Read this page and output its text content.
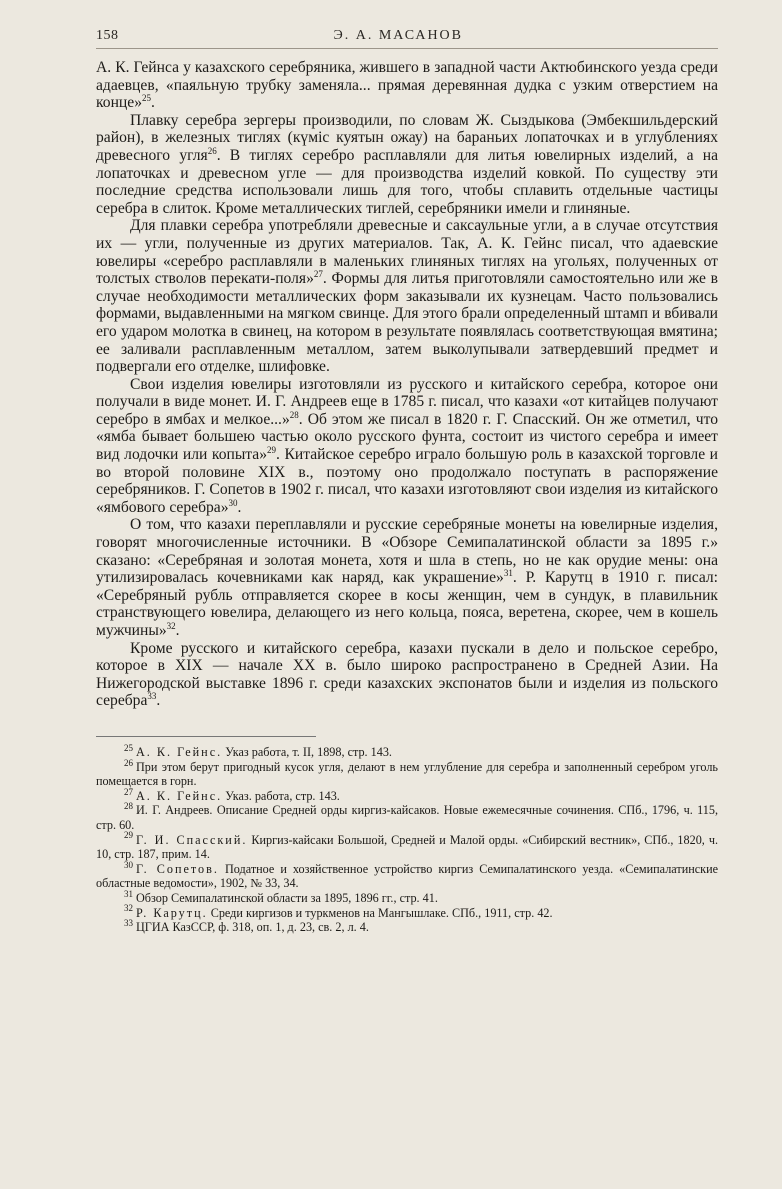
158	Э. А. МАСАНОВ

А. К. Гейнса у казахского серебряника, жившего в западной части Актюбинского уезда среди адаевцев, «паяльную трубку заменяла... прямая деревянная дудка с узким отверстием на конце»$^{25}$.

Плавку серебра зергеры производили, по словам Ж. Сыздыкова (Эмбекшильдерский район), в железных тиглях (күміс куятын ожау) на бараньих лопаточках и в углублениях древесного угля$^{26}$. В тиглях серебро расплавляли для литья ювелирных изделий, а на лопаточках и древесном угле — для производства изделий ковкой. По существу эти последние средства использовали лишь для того, чтобы сплавить отдельные частицы серебра в слиток. Кроме металлических тиглей, серебряники имели и глиняные.

Для плавки серебра употребляли древесные и саксаульные угли, а в случае отсутствия их — угли, полученные из других материалов. Так, А. К. Гейнс писал, что адаевские ювелиры «серебро расплавляли в маленьких глиняных тиглях на угольях, полученных от толстых стволов перекати-поля»$^{27}$. Формы для литья приготовляли самостоятельно или же в случае необходимости металлических форм заказывали их кузнецам. Часто пользовались формами, выдавленными на мягком свинце. Для этого брали определенный штамп и вбивали его ударом молотка в свинец, на котором в результате появлялась соответствующая вмятина; ее заливали расплавленным металлом, затем выколупывали затвердевший предмет и подвергали его отделке, шлифовке.

Свои изделия ювелиры изготовляли из русского и китайского серебра, которое они получали в виде монет. И. Г. Андреев еще в 1785 г. писал, что казахи «от китайцев получают серебро в ямбах и мелкое...»$^{28}$. Об этом же писал в 1820 г. Г. Спасский. Он же отметил, что «ямба бывает большею частью около русского фунта, состоит из чистого серебра и имеет вид лодочки или копыта»$^{29}$. Китайское серебро играло большую роль в казахской торговле и во второй половине XIX в., поэтому оно продолжало поступать в распоряжение серебряников. Г. Сопетов в 1902 г. писал, что казахи изготовляют свои изделия из китайского «ямбового серебра»$^{30}$.

О том, что казахи переплавляли и русские серебряные монеты на ювелирные изделия, говорят многочисленные источники. В «Обзоре Семипалатинской области за 1895 г.» сказано: «Серебряная и золотая монета, хотя и шла в степь, но не как орудие мены: она утилизировалась кочевниками как наряд, как украшение»$^{31}$. Р. Карутц в 1910 г. писал: «Серебряный рубль отправляется скорее в косы женщин, чем в сундук, в плавильник странствующего ювелира, делающего из него кольца, пояса, веретена, скорее, чем в кошель мужчины»$^{32}$.

Кроме русского и китайского серебра, казахи пускали в дело и польское серебро, которое в XIX — начале XX в. было широко распространено в Средней Азии. На Нижегородской выставке 1896 г. среди казахских экспонатов были и изделия из польского серебра$^{33}$.

$^{25}$ А. К. Гейнс. Указ работа, т. II, 1898, стр. 143.

$^{26}$ При этом берут пригодный кусок угля, делают в нем углубление для серебра и заполненный серебром уголь помещается в горн.

$^{27}$ А. К. Гейнс. Указ. работа, стр. 143.

$^{28}$ И. Г. Андреев. Описание Средней орды киргиз-кайсаков. Новые ежемесячные сочинения. СПб., 1796, ч. 115, стр. 60.

$^{29}$ Г. И. Спасский. Киргиз-кайсаки Большой, Средней и Малой орды. «Сибирский вестник», СПб., 1820, ч. 10, стр. 187, прим. 14.

$^{30}$ Г. Сопетов. Податное и хозяйственное устройство киргиз Семипалатинского уезда. «Семипалатинские областные ведомости», 1902, № 33, 34.

$^{31}$ Обзор Семипалатинской области за 1895, 1896 гг., стр. 41.

$^{32}$ Р. Карутц. Среди киргизов и туркменов на Мангышлаке. СПб., 1911, стр. 42.

$^{33}$ ЦГИА КазССР, ф. 318, оп. 1, д. 23, св. 2, л. 4.
